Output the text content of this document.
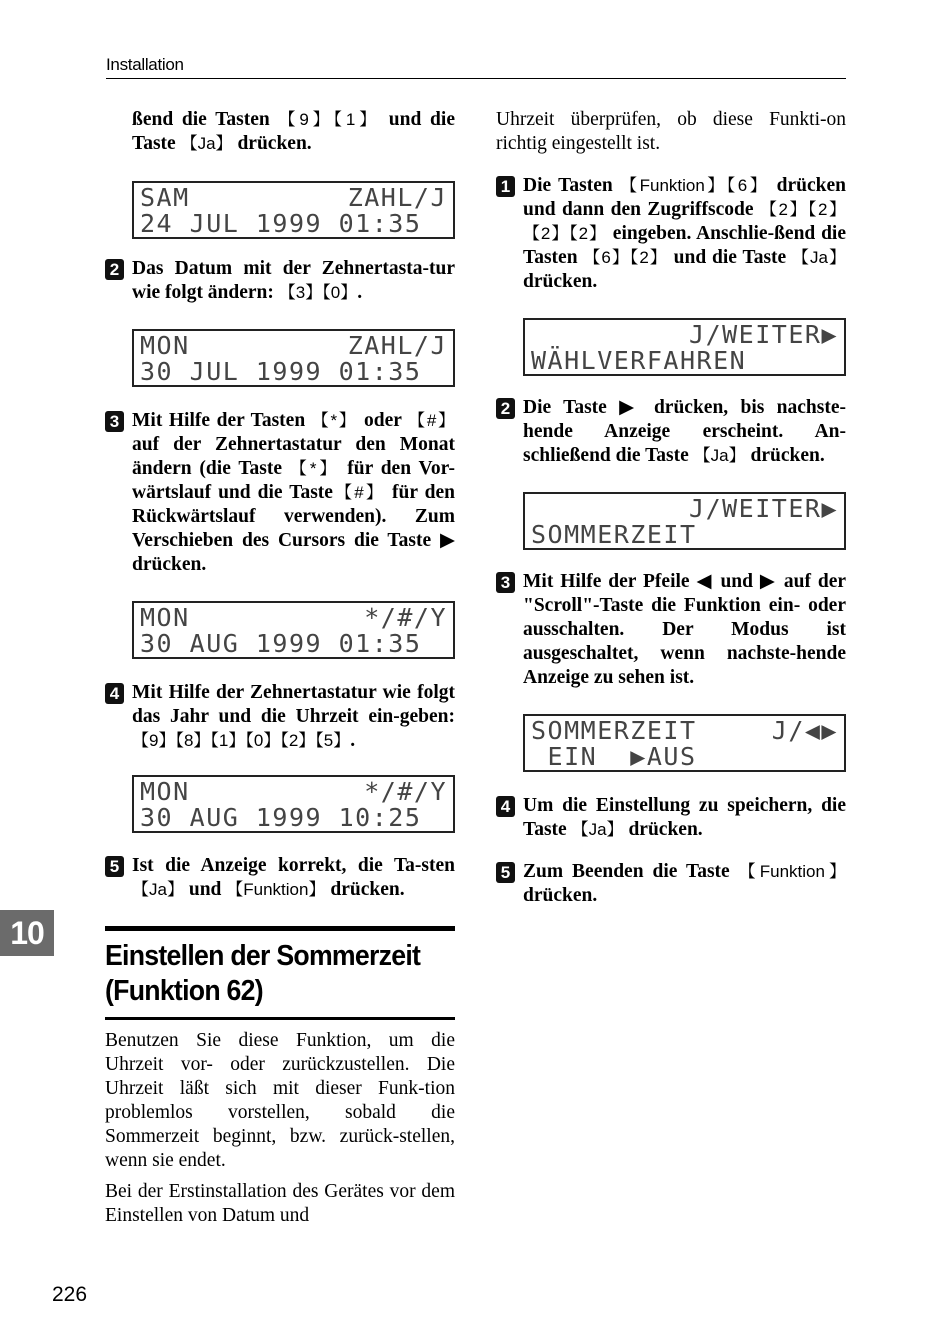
Installation

ßend die Tasten 【9】【1】 und die Taste 【Ja】 drücken.

SAM	ZAHL/J
24 JUL 1999 01:35
2 Das Datum mit der Zehnertasta-tur wie folgt ändern: 【3】【0】.

MON	ZAHL/J
30 JUL 1999 01:35
3 Mit Hilfe der Tasten 【*】 oder 【#】 auf der Zehnertastatur den Monat ändern (die Taste 【*】 für den Vor-wärtslauf und die Taste【#】 für den Rückwärtslauf verwenden). Zum Verschieben des Cursors die Taste ▶ drücken.

MON	*/#/Y
30 AUG 1999 01:35
4 Mit Hilfe der Zehnertastatur wie folgt das Jahr und die Uhrzeit ein-geben: 【9】【8】【1】【0】【2】【5】.

MON	*/#/Y
30 AUG 1999 10:25
5 Ist die Anzeige korrekt, die Ta-sten 【Ja】 und 【Funktion】 drücken.

Einstellen der Sommerzeit
(Funktion 62)

Benutzen Sie diese Funktion, um die Uhrzeit vor- oder zurückzustellen. Die Uhrzeit läßt sich mit dieser Funk-tion problemlos vorstellen, sobald die Sommerzeit beginnt, bzw. zurück-stellen, wenn sie endet.

Bei der Erstinstallation des Gerätes vor dem Einstellen von Datum und

Uhrzeit überprüfen, ob diese Funkti-on richtig eingestellt ist.

1 Die Tasten 【Funktion】【6】 drücken und dann den Zugriffscode 【2】【2】【2】【2】 eingeben. Anschlie-ßend die Tasten 【6】【2】 und die Taste 【Ja】 drücken.

J/WEITER▶
WÄHLVERFAHREN
2 Die Taste ▶ drücken, bis nachste-hende Anzeige erscheint. An-schließend die Taste 【Ja】 drücken.

J/WEITER▶
SOMMERZEIT
3 Mit Hilfe der Pfeile ◀ und ▶ auf der "Scroll"-Taste die Funktion ein- oder ausschalten. Der Modus ist ausgeschaltet, wenn nachste-hende Anzeige zu sehen ist.

SOMMERZEIT	J/◀▶
EIN  ▶AUS
4 Um die Einstellung zu speichern, die Taste 【Ja】 drücken.

5 Zum Beenden die Taste 【Funktion】 drücken.

10
226
